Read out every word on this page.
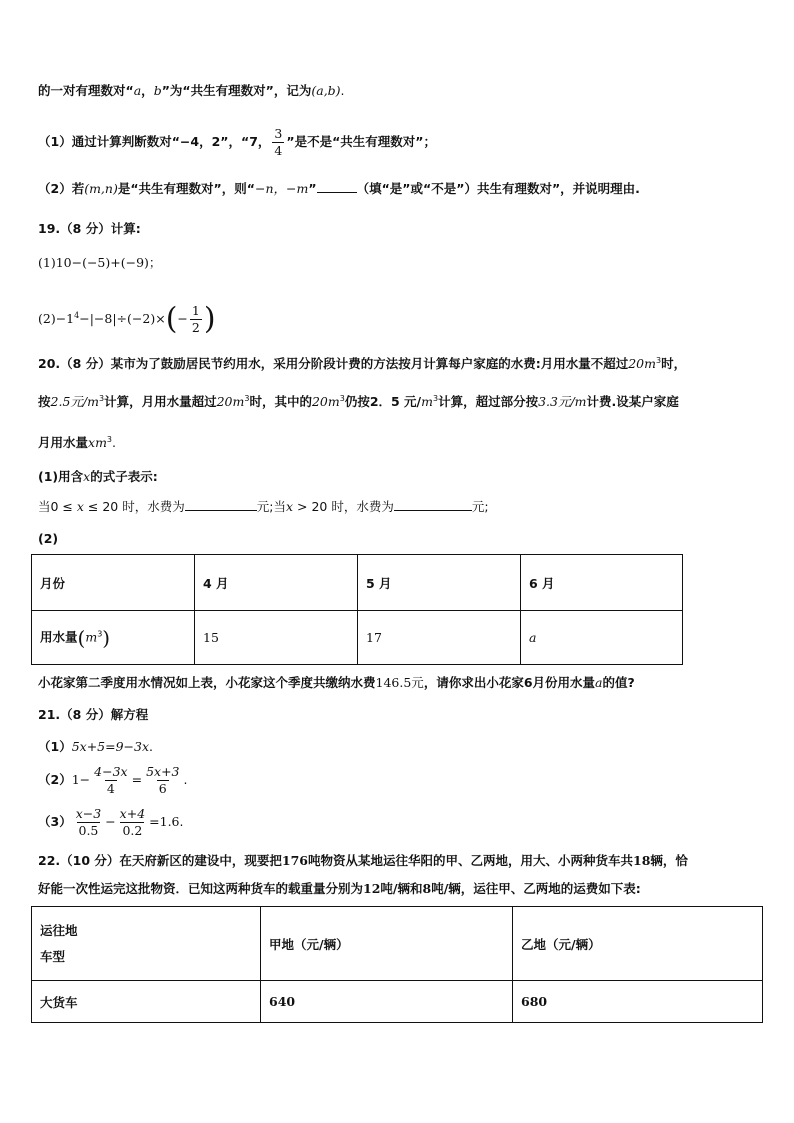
的一对有理数对“a，b”为“共生有理数对”，记为(a,b).
（1）通过计算判断数对“−4，2”，“7， $\frac{3}{4}$ ”是不是“共生有理数对”；
（2）若(m,n)是“共生有理数对”，则“−n，−m”	（填“是”或“不是”）共生有理数对”，并说明理由.
19.（8 分）计算:
(1)10−(−5)+(−9)；
$(2)-1^4-|-8|\div(-2)\times(- \frac{1}{2}$ )
20.（8 分）某市为了鼓励居民节约用水，采用分阶段计费的方法按月计算每户家庭的水费:月用水量不超过$20m^3$时，
按2.5元$/m^3$计算，月用水量超过$20m^3$时，其中的$20m^3$仍按2．5 元$/m^3$计算，超过部分按3.3元/m计费.设某户家庭
月用水量$xm^3$.
(1)用含x的式子表示:
当0 ≤ x ≤ 20 时，水费为	元;当x > 20 时，水费为	元;
(2)
月份	4 月	5 月	6 月
用水量$(m^3)$	15	17	a
小花家第二季度用水情况如上表，小花家这个季度共缴纳水费146.5元，请你求出小花家6月份用水量a的值?
21.（8 分）解方程
（1）5x+5=9−3x.
$(2)1- \frac{4-3x}{4} = \frac{5x+3}{6}$ .
$(3) \frac{x-3}{0.5} - \frac{x+4}{0.2} =1.6$.
22.（10 分）在天府新区的建设中，现要把176吨物资从某地运往华阳的甲、乙两地，用大、小两种货车共18辆，恰
好能一次性运完这批物资．已知这两种货车的载重量分别为12吨/辆和8吨/辆，运往甲、乙两地的运费如下表:
运往地
车型	甲地（元/辆）	乙地（元/辆）
大货车	640	680
